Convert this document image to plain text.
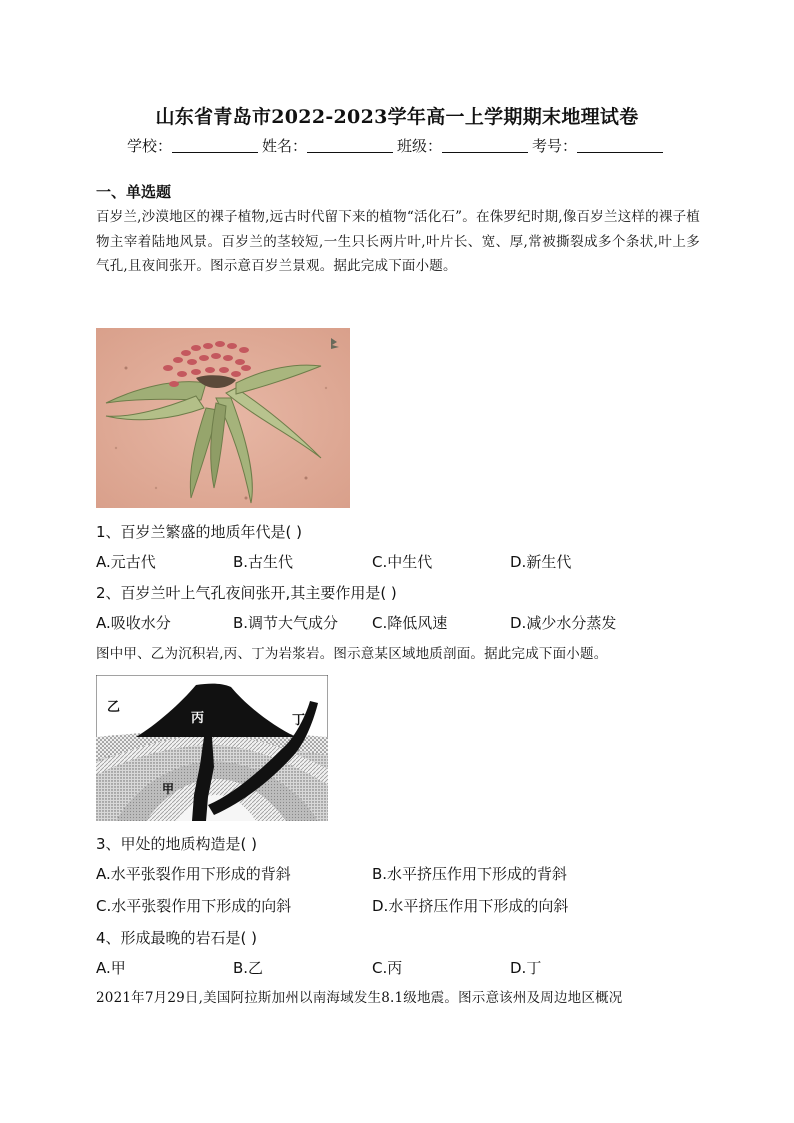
山东省青岛市2022-2023学年高一上学期期末地理试卷
学校：	姓名：	班级：	考号：
一、单选题
百岁兰,沙漠地区的裸子植物,远古时代留下来的植物“活化石”。在侏罗纪时期,像百岁兰这样的裸子植物主宰着陆地风景。百岁兰的茎较短,一生只长两片叶,叶片长、宽、厚,常被撕裂成多个条状,叶上多气孔,且夜间张开。图示意百岁兰景观。据此完成下面小题。
1、百岁兰繁盛的地质年代是( )
A.元古代	B.古生代	C.中生代	D.新生代
2、百岁兰叶上气孔夜间张开,其主要作用是( )
A.吸收水分	B.调节大气成分 C.降低风速	D.减少水分蒸发
图中甲、乙为沉积岩,丙、丁为岩浆岩。图示意某区域地质剖面。据此完成下面小题。
乙
丙	丁
甲
3、甲处的地质构造是( )
A.水平张裂作用下形成的背斜	B.水平挤压作用下形成的背斜
C.水平张裂作用下形成的向斜	D.水平挤压作用下形成的向斜
4、形成最晚的岩石是( )
A.甲	B.乙	C.丙	D.丁
2021年7月29日,美国阿拉斯加州以南海域发生8.1级地震。图示意该州及周边地区概况
